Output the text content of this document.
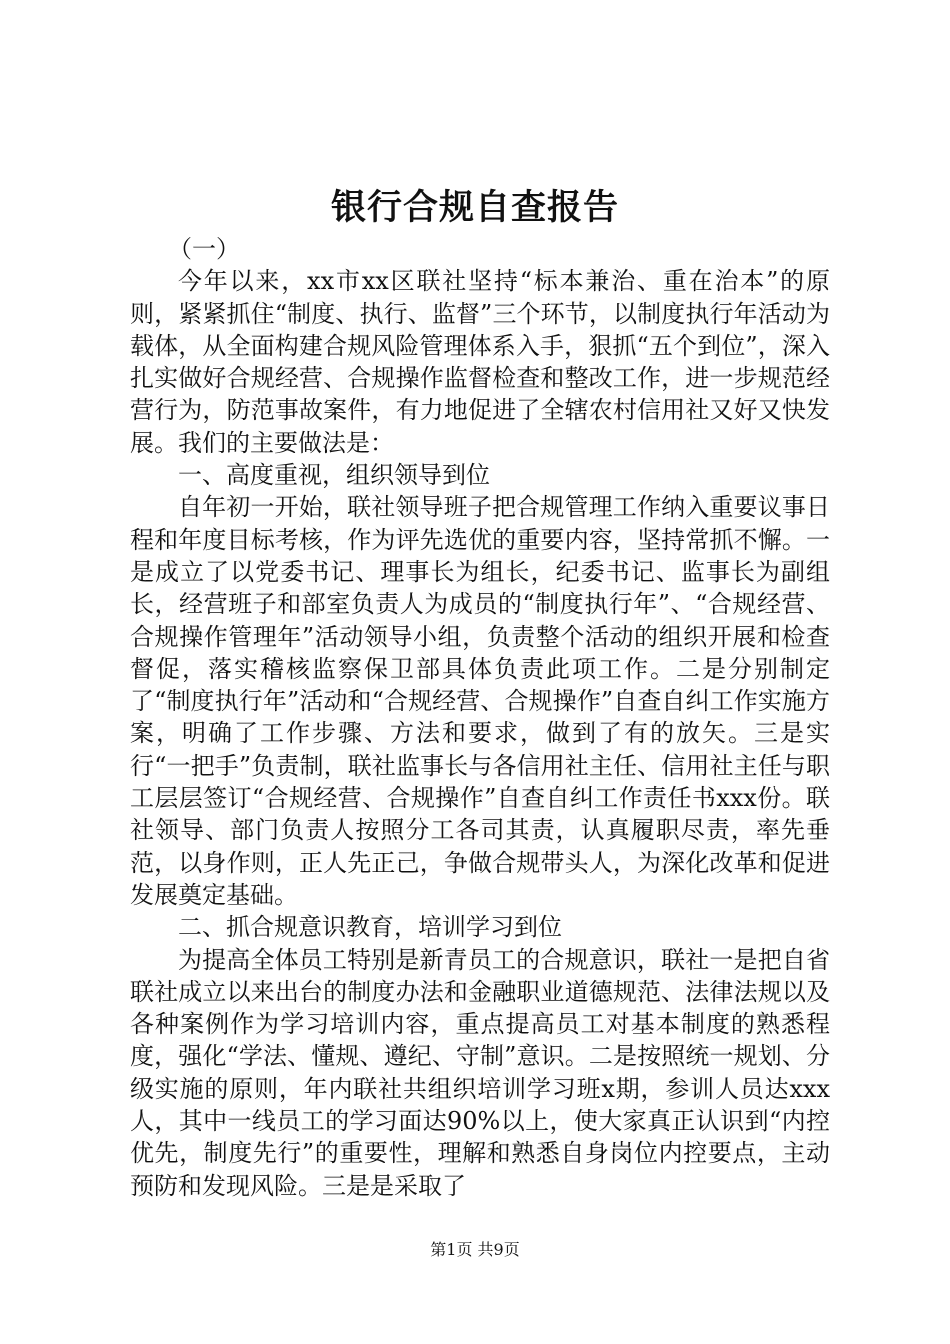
银行合规自查报告

（一）

今年以来，xx市xx区联社坚持“标本兼治、重在治本”的原则，紧紧抓住“制度、执行、监督”三个环节，以制度执行年活动为载体，从全面构建合规风险管理体系入手，狠抓“五个到位”，深入扎实做好合规经营、合规操作监督检查和整改工作，进一步规范经营行为，防范事故案件，有力地促进了全辖农村信用社又好又快发展。我们的主要做法是：

一、高度重视，组织领导到位

自年初一开始，联社领导班子把合规管理工作纳入重要议事日程和年度目标考核，作为评先选优的重要内容，坚持常抓不懈。一是成立了以党委书记、理事长为组长，纪委书记、监事长为副组长，经营班子和部室负责人为成员的“制度执行年”、“合规经营、合规操作管理年”活动领导小组，负责整个活动的组织开展和检查督促，落实稽核监察保卫部具体负责此项工作。二是分别制定了“制度执行年”活动和“合规经营、合规操作”自查自纠工作实施方案，明确了工作步骤、方法和要求，做到了有的放矢。三是实行“一把手”负责制，联社监事长与各信用社主任、信用社主任与职工层层签订“合规经营、合规操作”自查自纠工作责任书xxx份。联社领导、部门负责人按照分工各司其责，认真履职尽责，率先垂范，以身作则，正人先正己，争做合规带头人，为深化改革和促进发展奠定基础。

二、抓合规意识教育，培训学习到位

为提高全体员工特别是新青员工的合规意识，联社一是把自省联社成立以来出台的制度办法和金融职业道德规范、法律法规以及各种案例作为学习培训内容，重点提高员工对基本制度的熟悉程度，强化“学法、懂规、遵纪、守制”意识。二是按照统一规划、分级实施的原则，年内联社共组织培训学习班x期，参训人员达xxx人，其中一线员工的学习面达90%以上，使大家真正认识到“内控优先，制度先行”的重要性，理解和熟悉自身岗位内控要点，主动预防和发现风险。三是是采取了

第1页 共9页
